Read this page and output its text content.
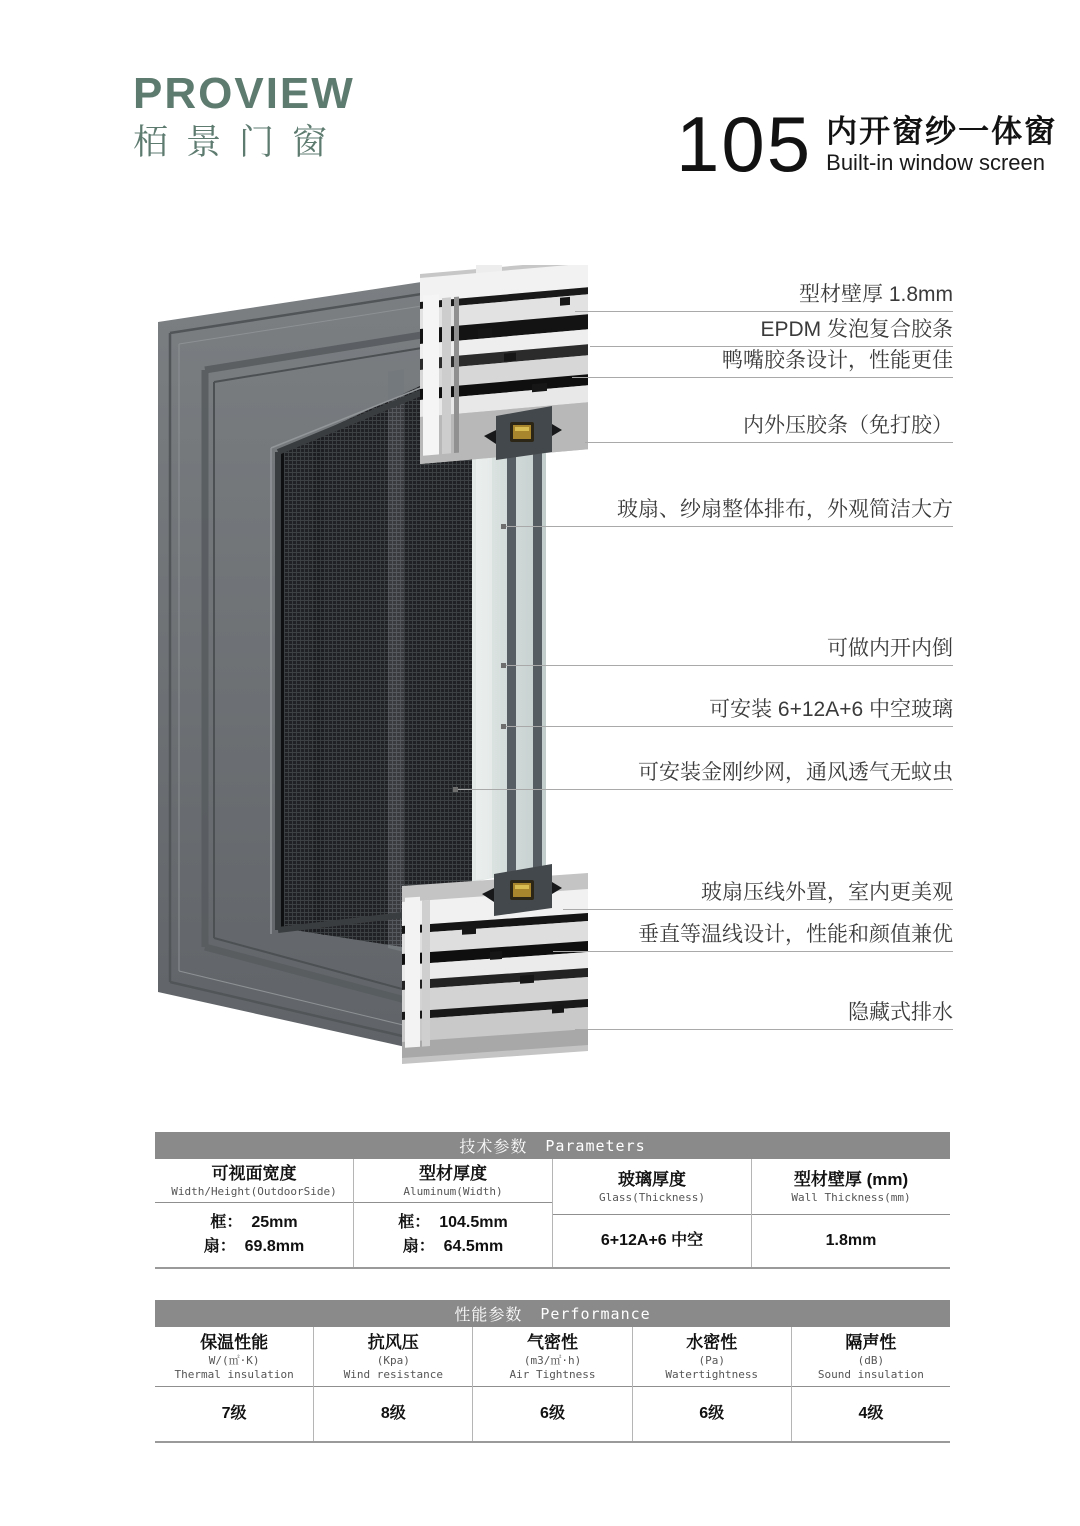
PROVIEW
栢景门窗	105 内开窗纱一体窗
Built-in window screen
型材壁厚 1.8mm
EPDM 发泡复合胶条
鸭嘴胶条设计，性能更佳
内外压胶条（免打胶）
玻扇、纱扇整体排布，外观简洁大方
可做内开内倒
可安装 6+12A+6 中空玻璃
可安装金刚纱网，通风透气无蚊虫
玻扇压线外置，室内更美观
垂直等温线设计，性能和颜值兼优
隐藏式排水
技术参数 Parameters
可视面宽度
Width/Height(OutdoorSide)
框：  25mm
扇：  69.8mm
型材厚度
Aluminum(Width)
框：  104.5mm
扇：  64.5mm
玻璃厚度
Glass(Thickness)
6+12A+6 中空
型材壁厚 (mm)
Wall Thickness(mm)
1.8mm
性能参数 Performance
保温性能
W/(㎡·K)
Thermal insulation
7级
抗风压
(Kpa)
Wind resistance
8级
气密性
(m3/㎡·h)
Air Tightness
6级
水密性
(Pa)
Watertightness
6级
隔声性
(dB)
Sound insulation
4级
